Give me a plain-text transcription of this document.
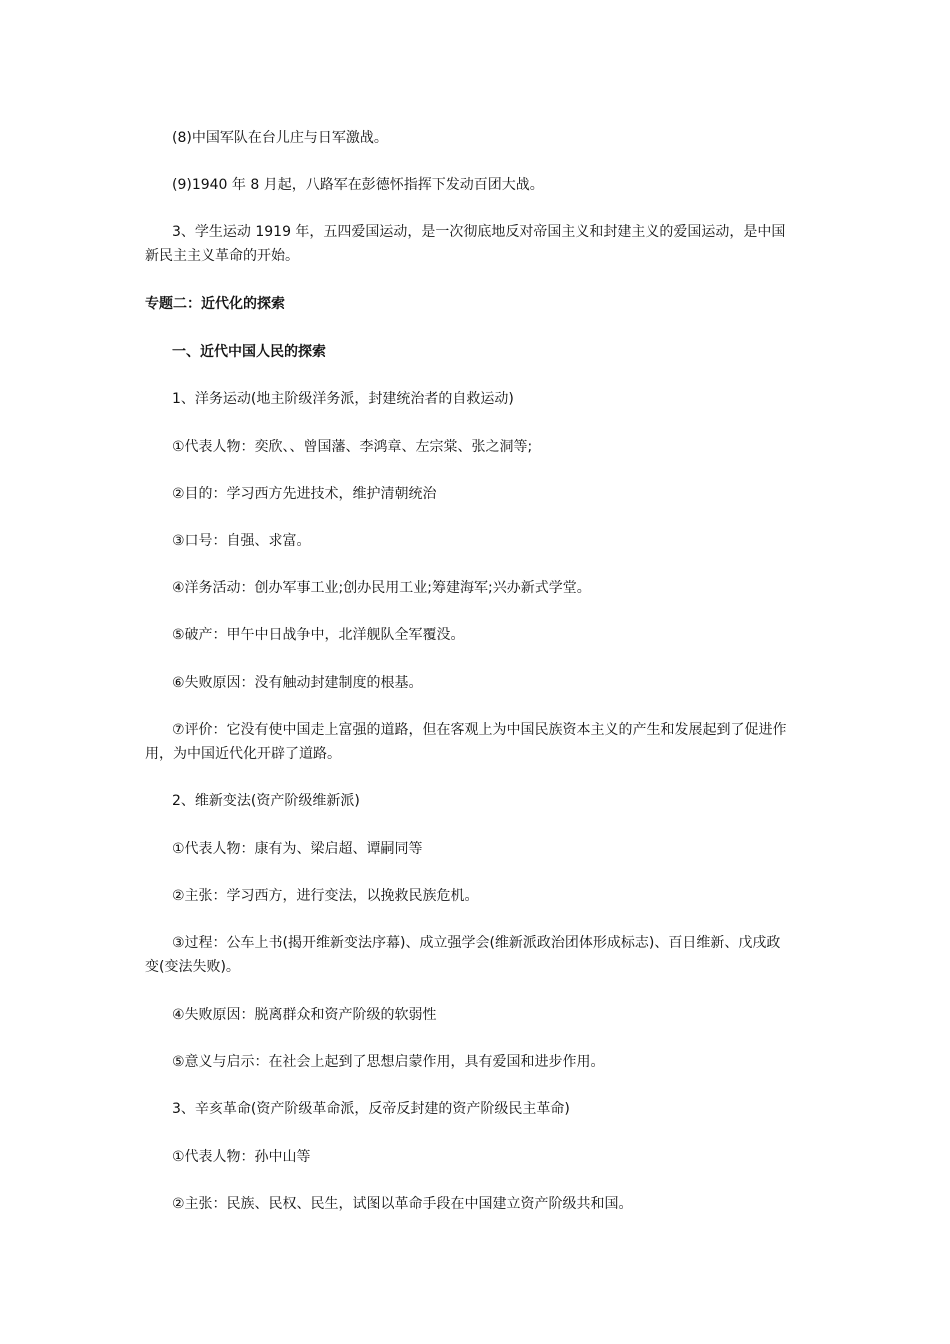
(8)中国军队在台儿庄与日军激战。
(9)1940 年 8 月起，八路军在彭德怀指挥下发动百团大战。
3、学生运动 1919 年，五四爱国运动，是一次彻底地反对帝国主义和封建主义的爱国运动，是中国
新民主主义革命的开始。
专题二：近代化的探索
一、近代中国人民的探索
1、洋务运动(地主阶级洋务派，封建统治者的自救运动)
①代表人物：奕欣、、曾国藩、李鸿章、左宗棠、张之洞等;
②目的：学习西方先进技术，维护清朝统治
③口号：自强、求富。
④洋务活动：创办军事工业;创办民用工业;筹建海军;兴办新式学堂。
⑤破产：甲午中日战争中，北洋舰队全军覆没。
⑥失败原因：没有触动封建制度的根基。
⑦评价：它没有使中国走上富强的道路，但在客观上为中国民族资本主义的产生和发展起到了促进作
用，为中国近代化开辟了道路。
2、维新变法(资产阶级维新派)
①代表人物：康有为、梁启超、谭嗣同等
②主张：学习西方，进行变法，以挽救民族危机。
③过程：公车上书(揭开维新变法序幕)、成立强学会(维新派政治团体形成标志)、百日维新、戊戌政
变(变法失败)。
④失败原因：脱离群众和资产阶级的软弱性
⑤意义与启示：在社会上起到了思想启蒙作用，具有爱国和进步作用。
3、辛亥革命(资产阶级革命派，反帝反封建的资产阶级民主革命)
①代表人物：孙中山等
②主张：民族、民权、民生，试图以革命手段在中国建立资产阶级共和国。
